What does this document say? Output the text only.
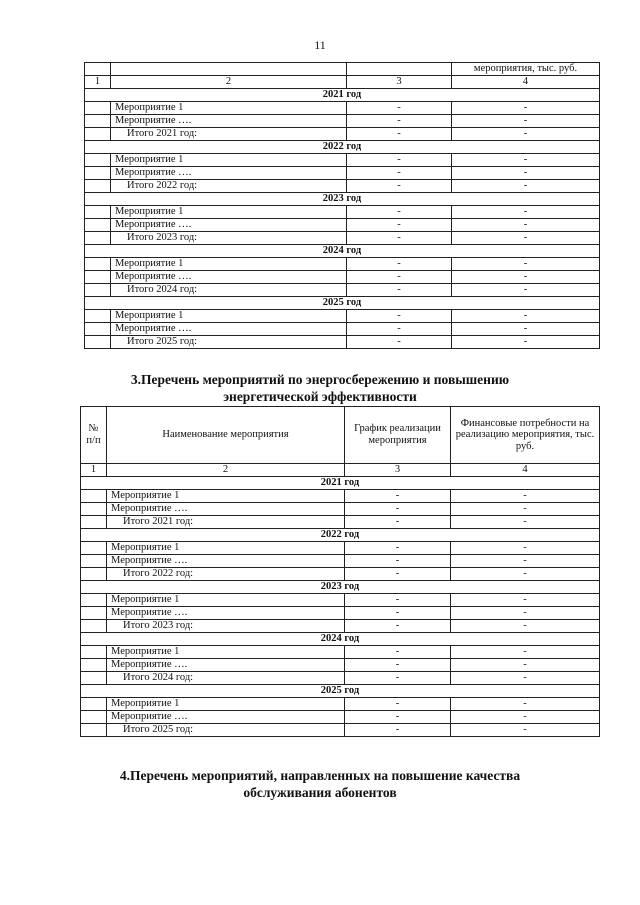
11
			мероприятия, тыс. руб.
1	2	3	4
2021 год			
	Мероприятие 1	-	-
	Мероприятие ….	-	-
	Итого 2021 год:	-	-
2022 год			
	Мероприятие 1	-	-
	Мероприятие ….	-	-
	Итого 2022 год:	-	-
2023 год			
	Мероприятие 1	-	-
	Мероприятие ….	-	-
	Итого 2023 год:	-	-
2024 год			
	Мероприятие 1	-	-
	Мероприятие ….	-	-
	Итого 2024 год:	-	-
2025 год			
	Мероприятие 1	-	-
	Мероприятие ….	-	-
	Итого 2025 год:	-	-
3.Перечень мероприятий по энергосбережению и повышению
энергетической эффективности
№ п/п	Наименование мероприятия	График реализации мероприятия	Финансовые потребности на реализацию мероприятия, тыс. руб.
1	2	3	4
2021 год			
	Мероприятие 1	-	-
	Мероприятие ….	-	-
	Итого 2021 год:	-	-
2022 год			
	Мероприятие 1	-	-
	Мероприятие ….	-	-
	Итого 2022 год:	-	-
2023 год			
	Мероприятие 1	-	-
	Мероприятие ….	-	-
	Итого 2023 год:	-	-
2024 год			
	Мероприятие 1	-	-
	Мероприятие ….	-	-
	Итого 2024 год:	-	-
2025 год			
	Мероприятие 1	-	-
	Мероприятие ….	-	-
	Итого 2025 год:	-	-
4.Перечень мероприятий, направленных на повышение качества
обслуживания абонентов
